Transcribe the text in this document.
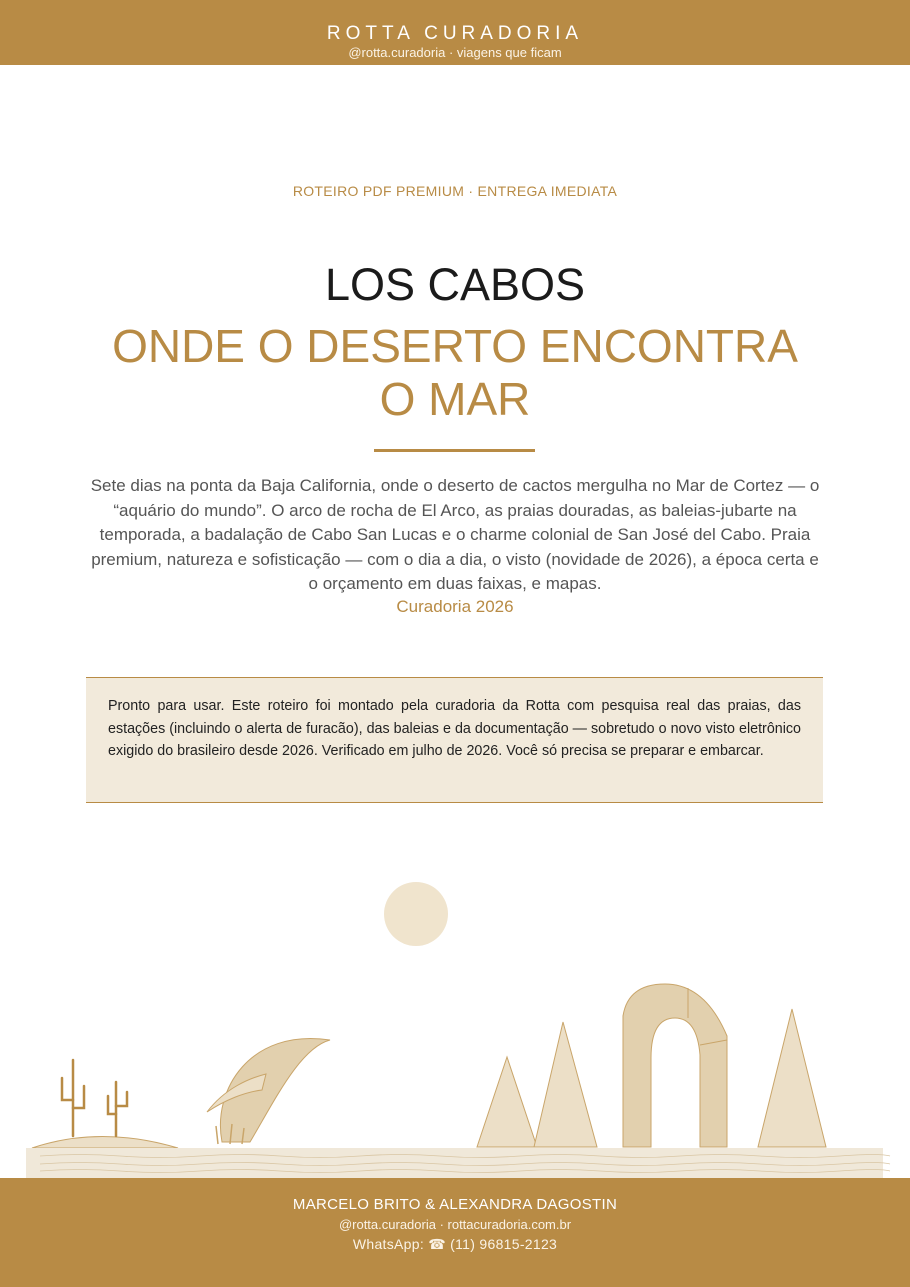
ROTTA CURADORIA
@rotta.curadoria · viagens que ficam
ROTEIRO PDF PREMIUM · ENTREGA IMEDIATA
LOS CABOS
ONDE O DESERTO ENCONTRA O MAR
Sete dias na ponta da Baja California, onde o deserto de cactos mergulha no Mar de Cortez — o “aquário do mundo”. O arco de rocha de El Arco, as praias douradas, as baleias-jubarte na temporada, a badalação de Cabo San Lucas e o charme colonial de San José del Cabo. Praia premium, natureza e sofisticação — com o dia a dia, o visto (novidade de 2026), a época certa e o orçamento em duas faixas, e mapas.
Curadoria 2026

Pronto para usar. Este roteiro foi montado pela curadoria da Rotta com pesquisa real das praias, das estações (incluindo o alerta de furacão), das baleias e da documentação — sobretudo o novo visto eletrônico exigido do brasileiro desde 2026. Verificado em julho de 2026. Você só precisa se preparar e embarcar.

MARCELO BRITO & ALEXANDRA DAGOSTIN
@rotta.curadoria · rottacuradoria.com.br
WhatsApp: ☎ (11) 96815-2123
